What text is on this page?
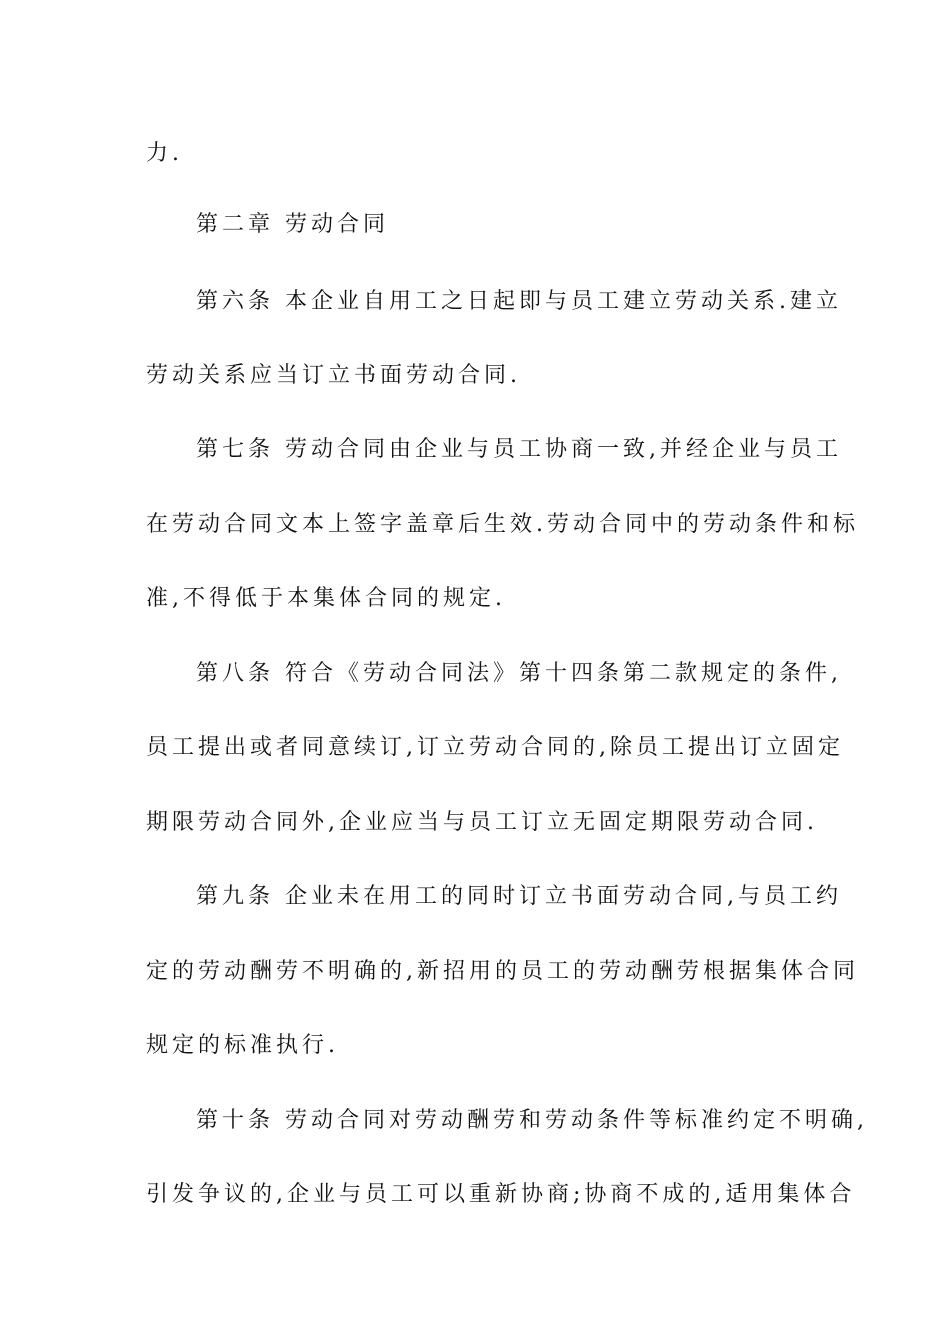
力.
第二章 劳动合同
第六条 本企业自用工之日起即与员工建立劳动关系.建立
劳动关系应当订立书面劳动合同.
第七条 劳动合同由企业与员工协商一致,并经企业与员工
在劳动合同文本上签字盖章后生效.劳动合同中的劳动条件和标
准,不得低于本集体合同的规定.
第八条 符合《劳动合同法》第十四条第二款规定的条件,
员工提出或者同意续订,订立劳动合同的,除员工提出订立固定
期限劳动合同外,企业应当与员工订立无固定期限劳动合同.
第九条 企业未在用工的同时订立书面劳动合同,与员工约
定的劳动酬劳不明确的,新招用的员工的劳动酬劳根据集体合同
规定的标准执行.
第十条 劳动合同对劳动酬劳和劳动条件等标准约定不明确,
引发争议的,企业与员工可以重新协商;协商不成的,适用集体合
